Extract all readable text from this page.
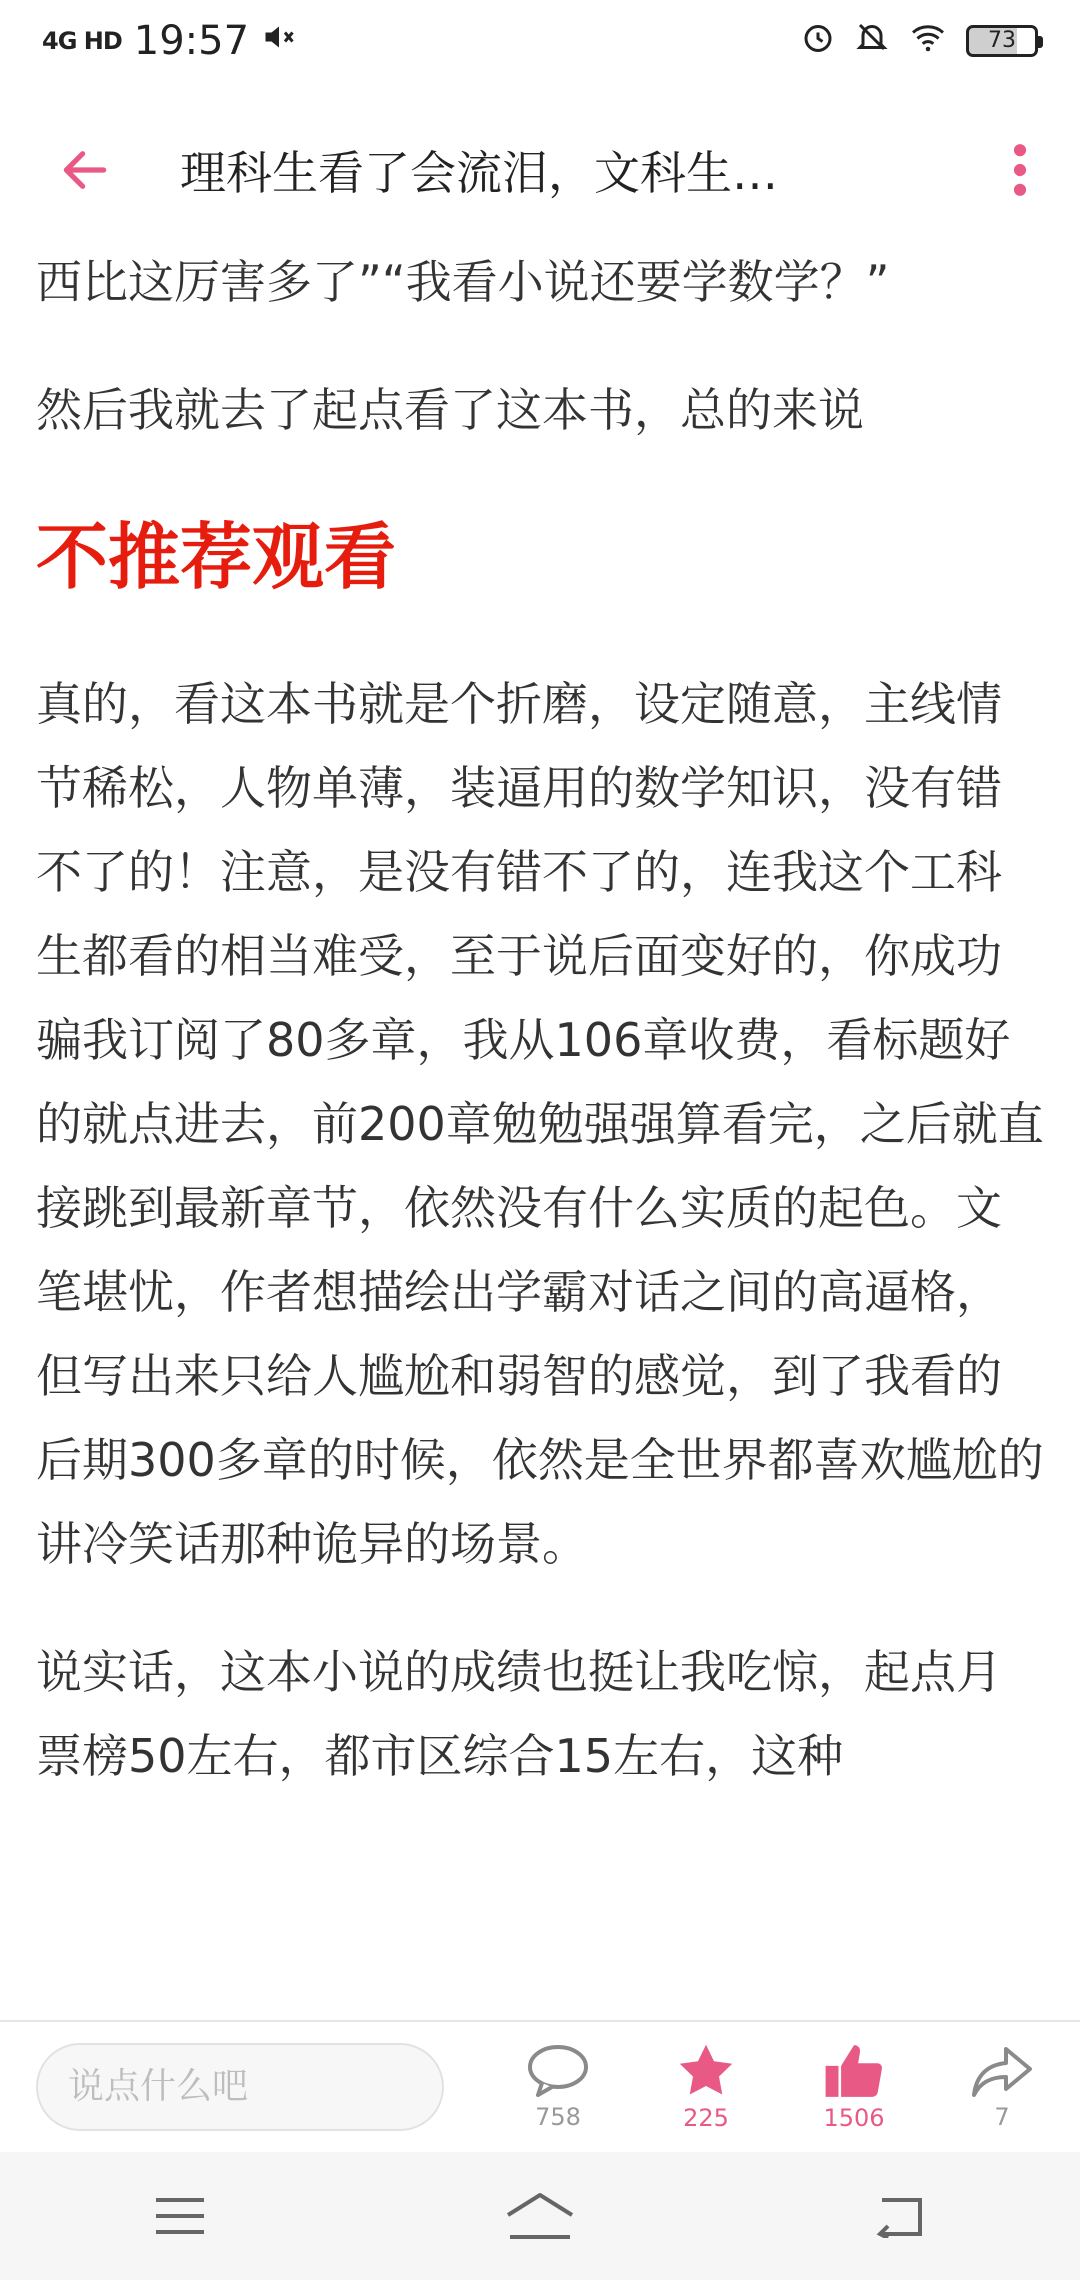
4G HD 19:57	73
理科生看了会流泪，文科生…

西比这厉害多了”“我看小说还要学数学？”

然后我就去了起点看了这本书，总的来说

不推荐观看

真的，看这本书就是个折磨，设定随意，主线情节稀松，人物单薄，装逼用的数学知识，没有错不了的！注意，是没有错不了的，连我这个工科生都看的相当难受，至于说后面变好的，你成功骗我订阅了80多章，我从106章收费，看标题好的就点进去，前200章勉勉强强算看完，之后就直接跳到最新章节，依然没有什么实质的起色。文笔堪忧，作者想描绘出学霸对话之间的高逼格，但写出来只给人尴尬和弱智的感觉，到了我看的后期300多章的时候，依然是全世界都喜欢尴尬的讲冷笑话那种诡异的场景。

说实话，这本小说的成绩也挺让我吃惊，起点月票榜50左右，都市区综合15左右，这种

说点什么吧
758	225	1506	7
